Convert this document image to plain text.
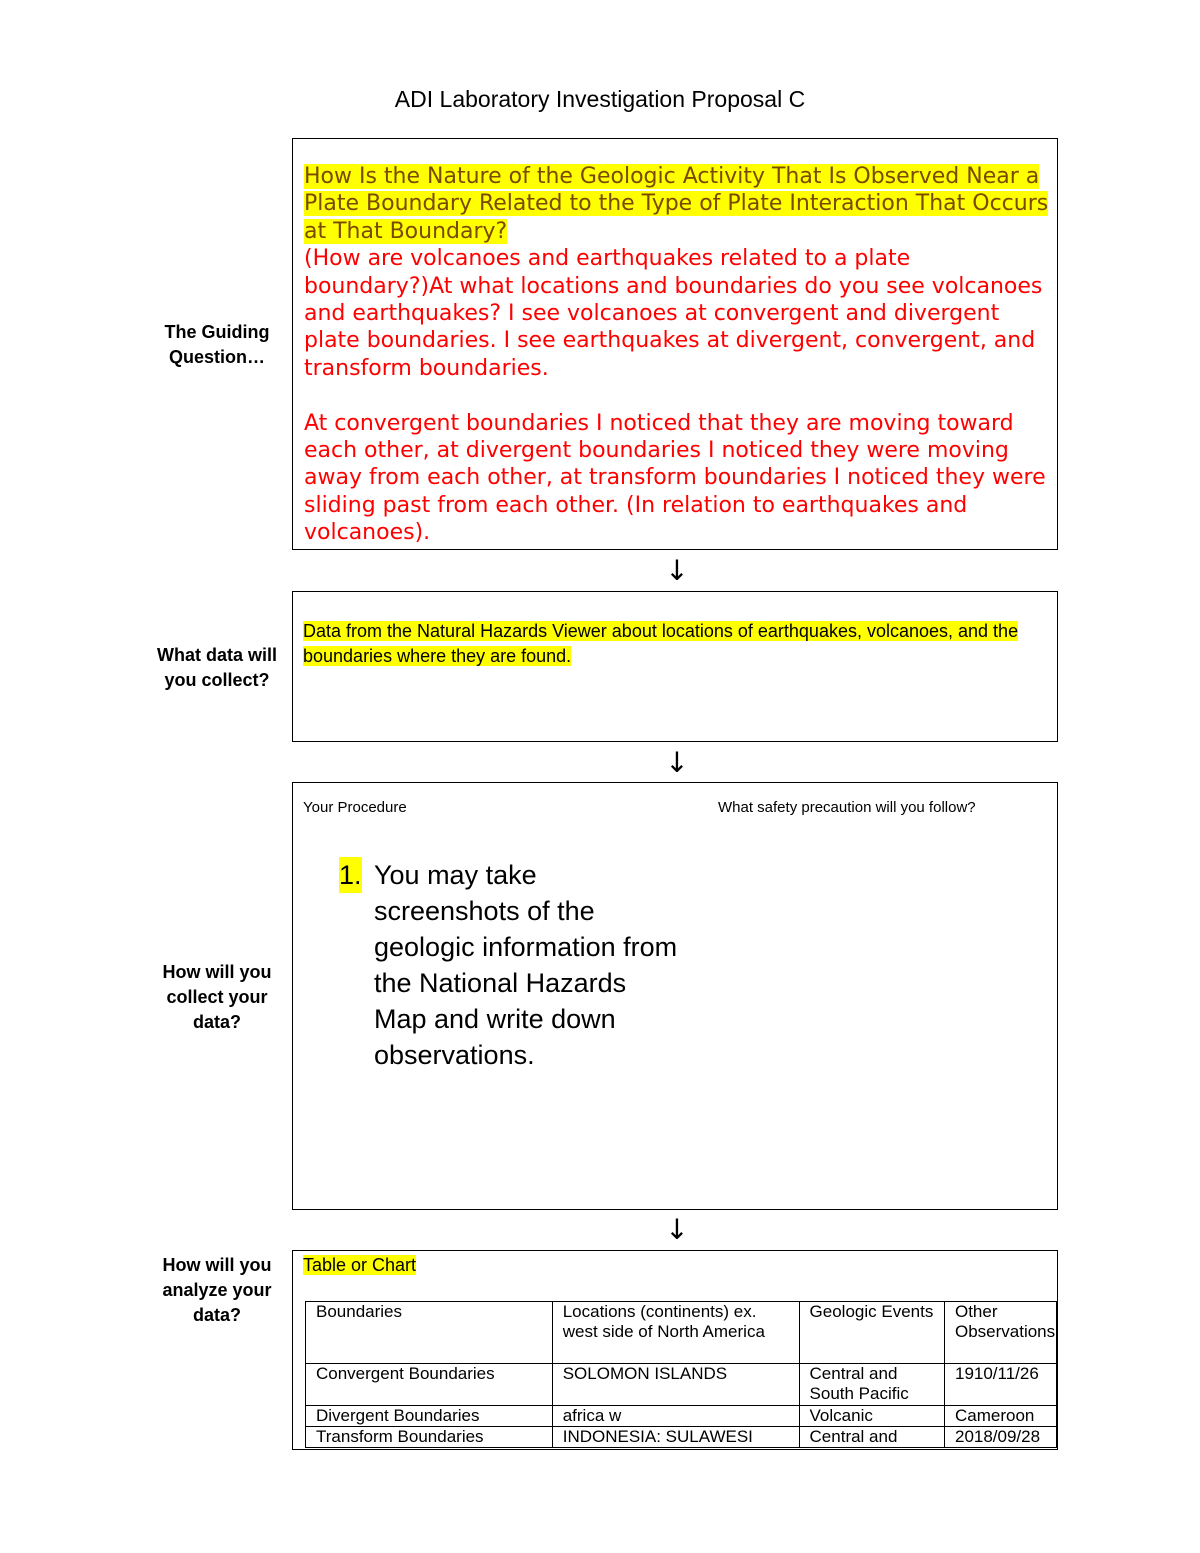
ADI Laboratory Investigation Proposal C
The Guiding Question…
How Is the Nature of the Geologic Activity That Is Observed Near a Plate Boundary Related to the Type of Plate Interaction That Occurs at That Boundary?
(How are volcanoes and earthquakes related to a plate boundary?)At what locations and boundaries do you see volcanoes and earthquakes? I see volcanoes at convergent and divergent plate boundaries. I see earthquakes at divergent, convergent, and transform boundaries.

At convergent boundaries I noticed that they are moving toward each other, at divergent boundaries I noticed they were moving away from each other, at transform boundaries I noticed they were sliding past from each other. (In relation to earthquakes and volcanoes).
↓
What data will you collect?
Data from the Natural Hazards Viewer about locations of earthquakes, volcanoes, and the boundaries where they are found.
↓
How will you collect your data?
Your Procedure	What safety precaution will you follow?
1. You may take screenshots of the geologic information from the National Hazards Map and write down observations.
↓
How will you analyze your data?
Table or Chart
Boundaries	Locations (continents) ex. west side of North America	Geologic Events	Other
Observations
Convergent Boundaries	SOLOMON ISLANDS	Central and South Pacific	1910/11/26
Divergent Boundaries	africa w	Volcanic	Cameroon
Transform Boundaries	INDONESIA: SULAWESI	Central and	2018/09/28
